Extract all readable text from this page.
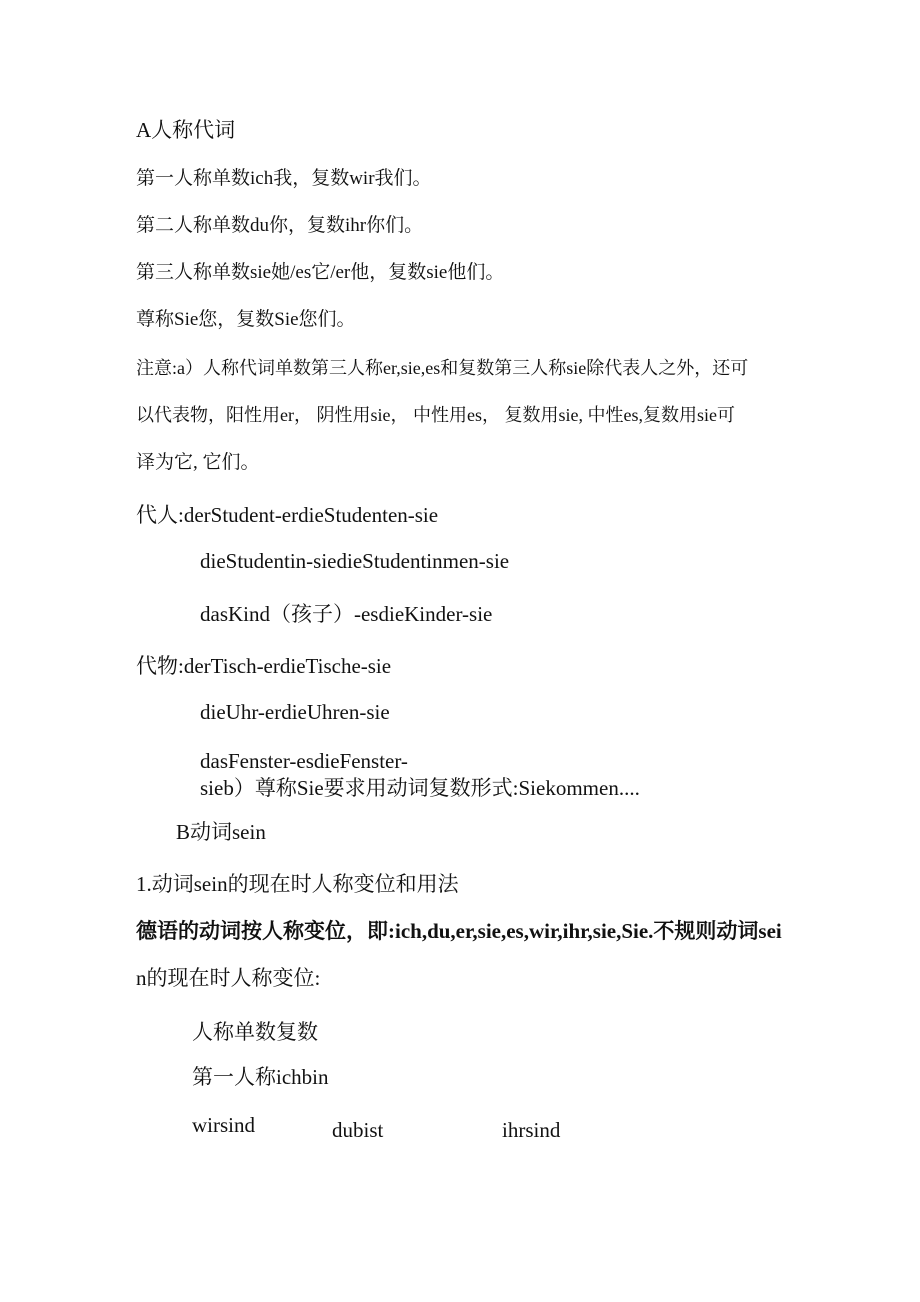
A人称代词
第一人称单数ich我，复数wir我们。
第二人称单数du你，复数ihr你们。
第三人称单数sie她/es它/er他，复数sie他们。
尊称Sie您，复数Sie您们。
注意:a）人称代词单数第三人称er,sie,es和复数第三人称sie除代表人之外，还可
以代表物，阳性用er， 阴性用sie， 中性用es， 复数用sie, 中性es,复数用sie可
译为它, 它们。
代人:derStudent-erdieStudenten-sie
dieStudentin-siedieStudentinmen-sie
dasKind（孩子）-esdieKinder-sie
代物:derTisch-erdieTische-sie
dieUhr-erdieUhren-sie
dasFenster-esdieFenster-
sieb）尊称Sie要求用动词复数形式:Siekommen....
B动词sein
1.动词sein的现在时人称变位和用法
德语的动词按人称变位，即:ich,du,er,sie,es,wir,ihr,sie,Sie.不规则动词sei
n的现在时人称变位:
人称单数复数
第一人称ichbin
wirsind	dubist	ihrsind
